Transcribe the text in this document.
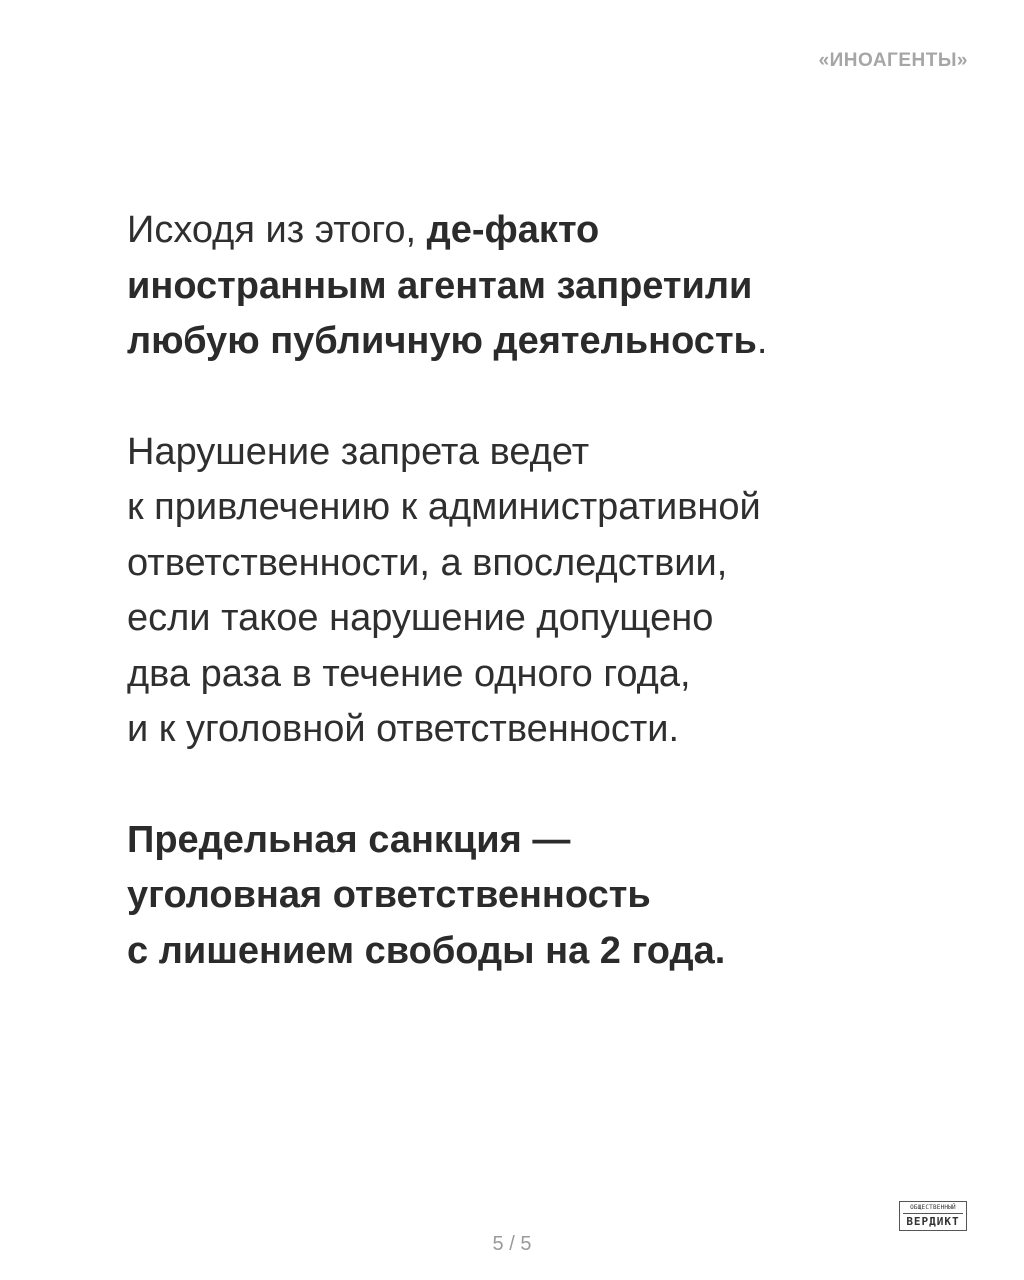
«ИНОАГЕНТЫ»

Исходя из этого, де-факто
иностранным агентам запретили
любую публичную деятельность.

Нарушение запрета ведет
к привлечению к административной
ответственности, а впоследствии,
если такое нарушение допущено
два раза в течение одного года,
и к уголовной ответственности.

Предельная санкция —
уголовная ответственность
с лишением свободы на 2 года.

5 / 5
ОБЩЕСТВЕННЫЙ
ВЕРДИКТ
